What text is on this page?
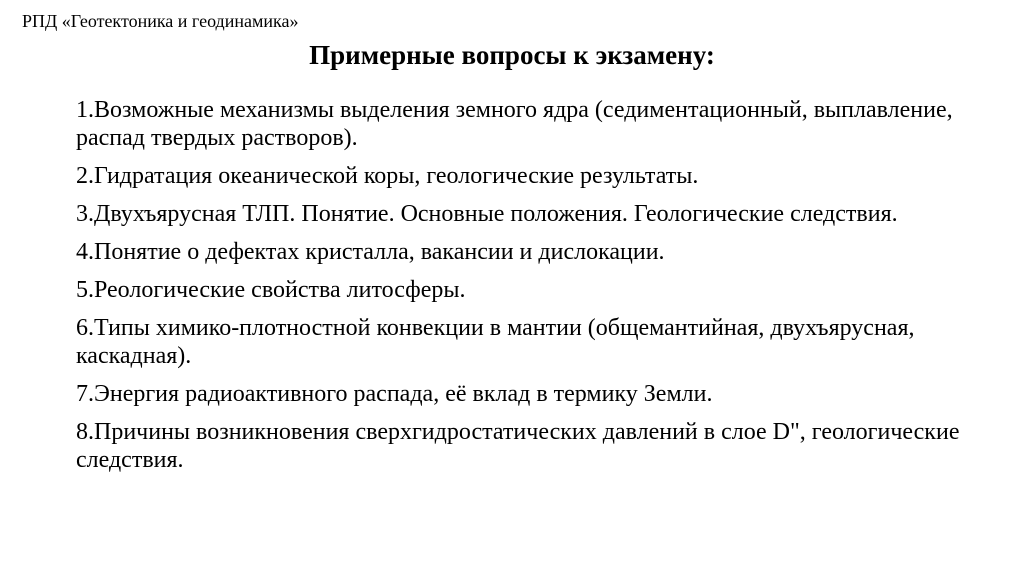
РПД «Геотектоника и геодинамика»
Примерные вопросы к экзамену:
1.Возможные механизмы выделения земного ядра (седиментационный, выплавление, распад твердых растворов).
2.Гидратация океанической коры, геологические результаты.
3.Двухъярусная ТЛП. Понятие. Основные положения. Геологические следствия.
4.Понятие о дефектах кристалла, вакансии и дислокации.
5.Реологические свойства литосферы.
6.Типы химико-плотностной конвекции в мантии (общемантийная, двухъярусная, каскадная).
7.Энергия радиоактивного распада, её вклад в термику Земли.
8.Причины возникновения сверхгидростатических давлений в слое D", геологические следствия.
